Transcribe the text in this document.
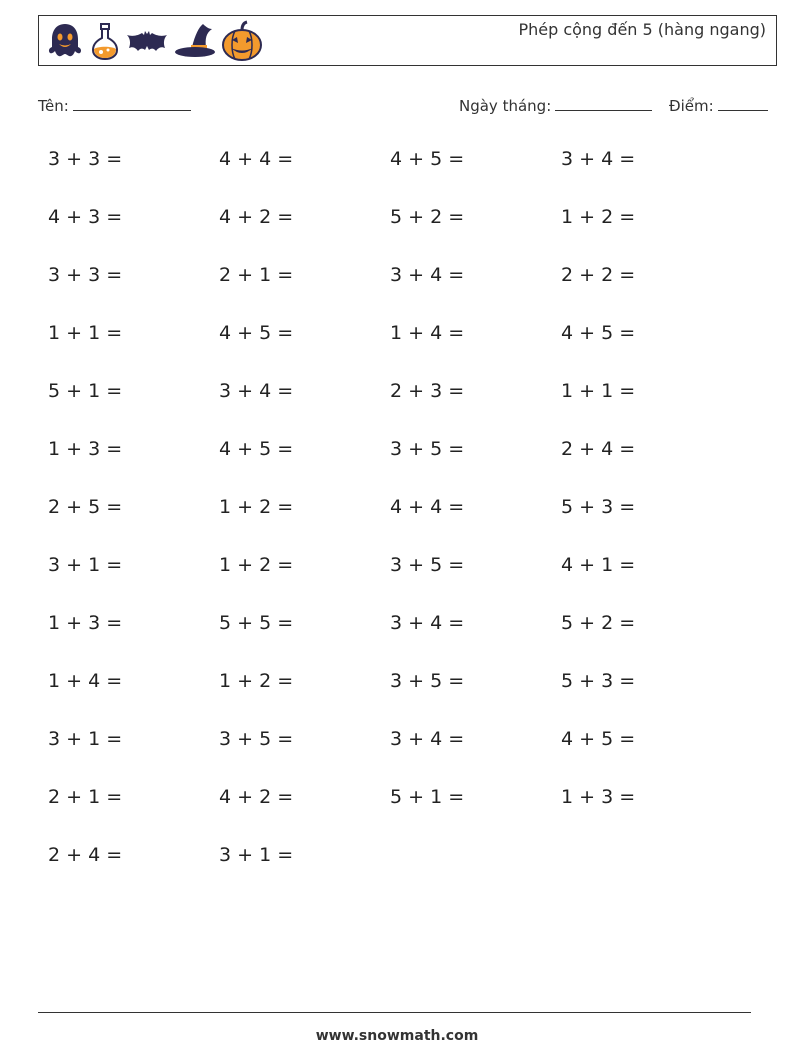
Phép cộng đến 5 (hàng ngang)
Tên:	Ngày tháng:	Điểm:
3 + 3 =	4 + 4 =	4 + 5 =	3 + 4 =
4 + 3 =	4 + 2 =	5 + 2 =	1 + 2 =
3 + 3 =	2 + 1 =	3 + 4 =	2 + 2 =
1 + 1 =	4 + 5 =	1 + 4 =	4 + 5 =
5 + 1 =	3 + 4 =	2 + 3 =	1 + 1 =
1 + 3 =	4 + 5 =	3 + 5 =	2 + 4 =
2 + 5 =	1 + 2 =	4 + 4 =	5 + 3 =
3 + 1 =	1 + 2 =	3 + 5 =	4 + 1 =
1 + 3 =	5 + 5 =	3 + 4 =	5 + 2 =
1 + 4 =	1 + 2 =	3 + 5 =	5 + 3 =
3 + 1 =	3 + 5 =	3 + 4 =	4 + 5 =
2 + 1 =	4 + 2 =	5 + 1 =	1 + 3 =
2 + 4 =	3 + 1 =
www.snowmath.com
